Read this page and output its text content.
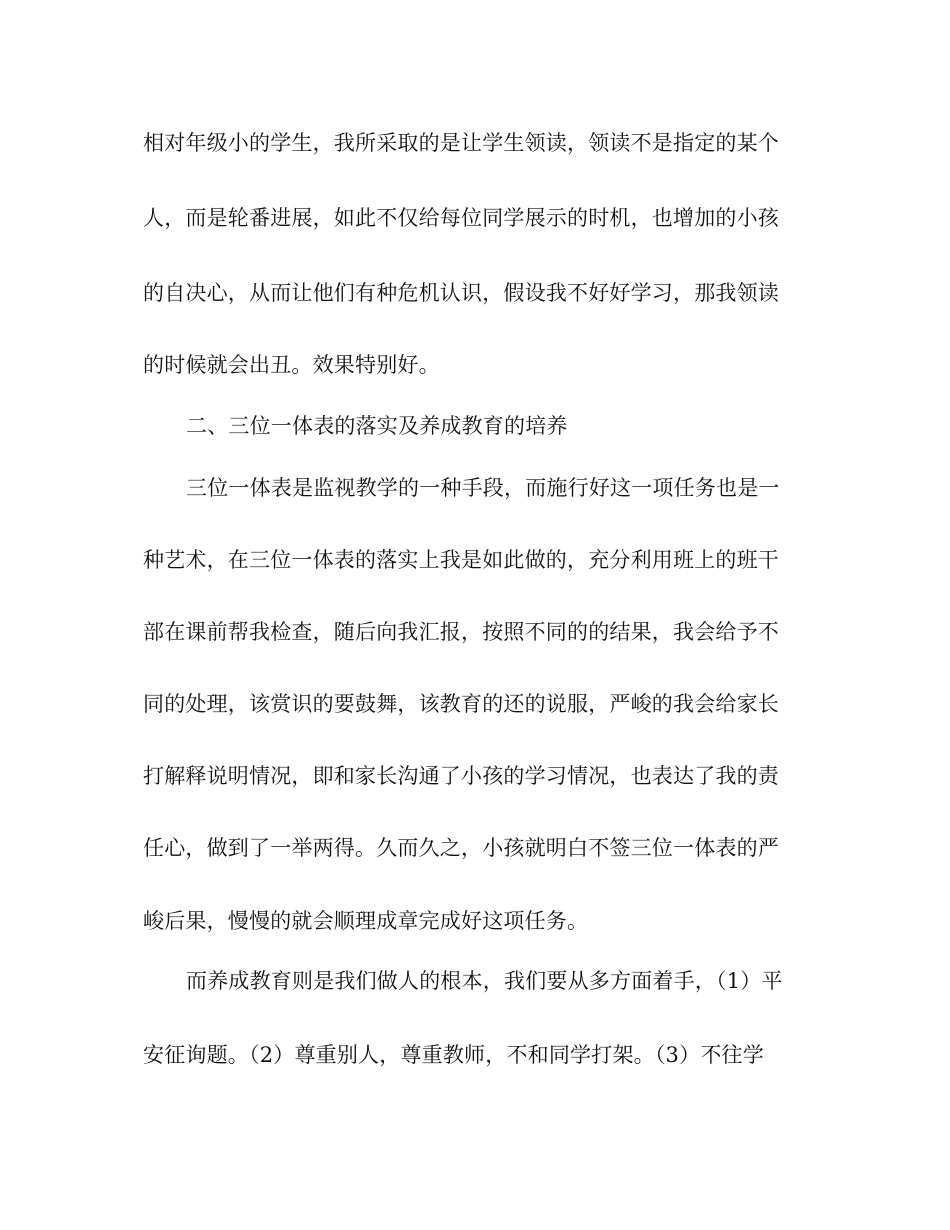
相对年级小的学生，我所采取的是让学生领读，领读不是指定的某个
人，而是轮番进展，如此不仅给每位同学展示的时机，也增加的小孩
的自决心，从而让他们有种危机认识，假设我不好好学习，那我领读
的时候就会出丑。效果特别好。
二、三位一体表的落实及养成教育的培养
三位一体表是监视教学的一种手段，而施行好这一项任务也是一
种艺术，在三位一体表的落实上我是如此做的，充分利用班上的班干
部在课前帮我检查，随后向我汇报，按照不同的的结果，我会给予不
同的处理，该赏识的要鼓舞，该教育的还的说服，严峻的我会给家长
打解释说明情况，即和家长沟通了小孩的学习情况，也表达了我的责
任心，做到了一举两得。久而久之，小孩就明白不签三位一体表的严
峻后果，慢慢的就会顺理成章完成好这项任务。
而养成教育则是我们做人的根本，我们要从多方面着手，（1）平
安征询题。（2）尊重别人，尊重教师，不和同学打架。（3）不往学
